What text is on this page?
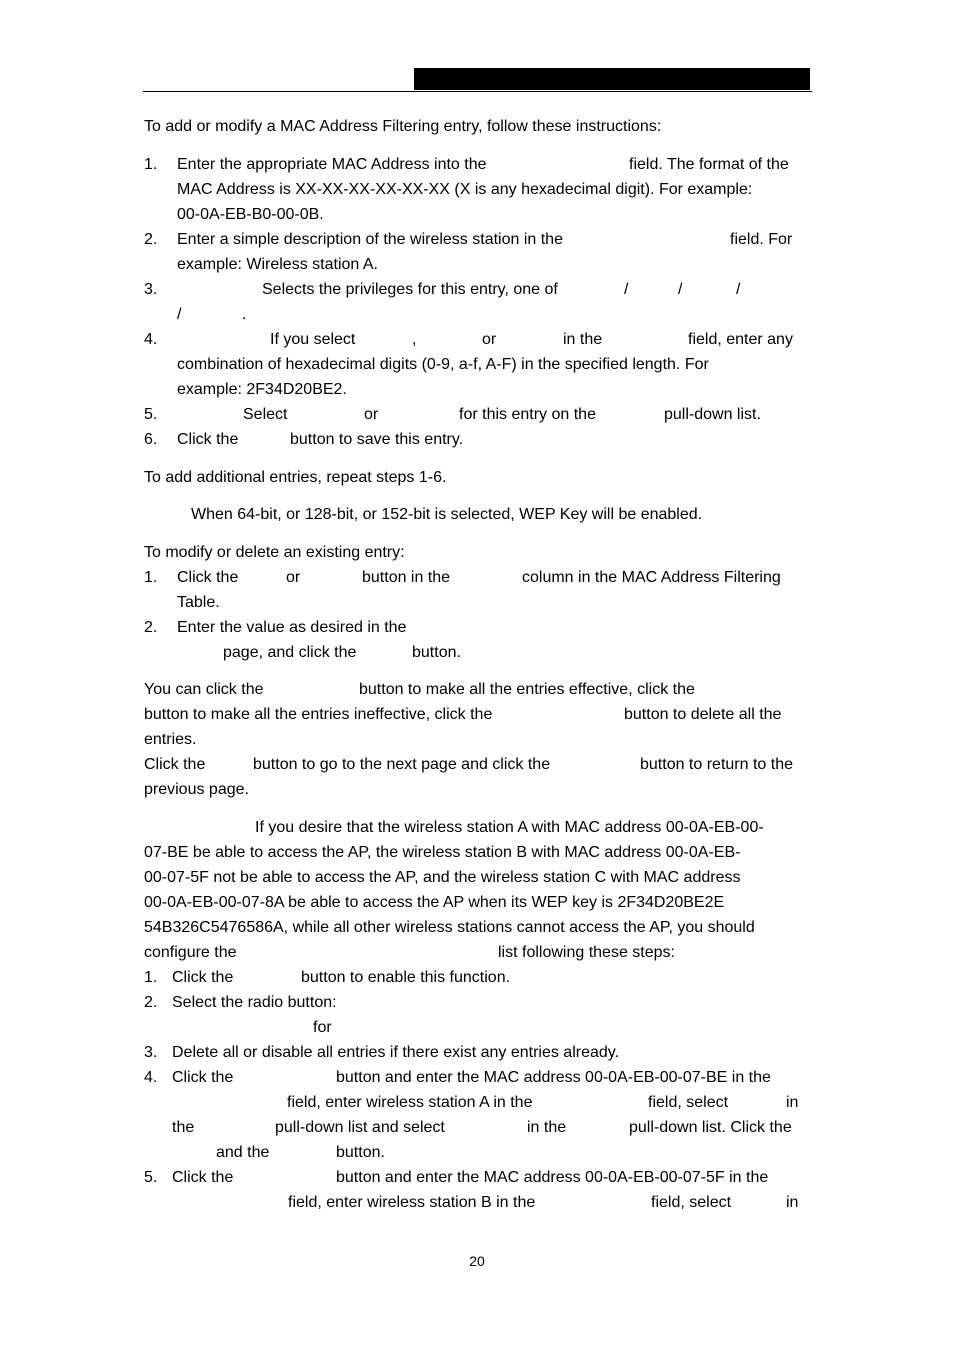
To add or modify a MAC Address Filtering entry, follow these instructions:
1. Enter the appropriate MAC Address into the	field. The format of the
MAC Address is XX-XX-XX-XX-XX-XX (X is any hexadecimal digit). For example:
00-0A-EB-B0-00-0B.
2. Enter a simple description of the wireless station in the	field. For
example: Wireless station A.
3.	Selects the privileges for this entry, one of	/	/	/
/	.
4.	If you select	,	or	in the	field, enter any
combination of hexadecimal digits (0-9, a-f, A-F) in the specified length. For
example: 2F34D20BE2.
5.	Select	or	for this entry on the	pull-down list.
6. Click the	button to save this entry.
To add additional entries, repeat steps 1-6.
When 64-bit, or 128-bit, or 152-bit is selected, WEP Key will be enabled.
To modify or delete an existing entry:
1. Click the	or	button in the	column in the MAC Address Filtering
Table.
2. Enter the value as desired in the
page, and click the	button.
You can click the	button to make all the entries effective, click the
button to make all the entries ineffective, click the	button to delete all the
entries.
Click the	button to go to the next page and click the	button to return to the
previous page.
If you desire that the wireless station A with MAC address 00-0A-EB-00-
07-BE be able to access the AP, the wireless station B with MAC address 00-0A-EB-
00-07-5F not be able to access the AP, and the wireless station C with MAC address
00-0A-EB-00-07-8A be able to access the AP when its WEP key is 2F34D20BE2E
54B326C5476586A, while all other wireless stations cannot access the AP, you should
configure the	list following these steps:
1. Click the	button to enable this function.
2. Select the radio button:
for
3. Delete all or disable all entries if there exist any entries already.
4. Click the	button and enter the MAC address 00-0A-EB-00-07-BE in the
field, enter wireless station A in the	field, select	in
the	pull-down list and select	in the	pull-down list. Click the
and the	button.
5. Click the	button and enter the MAC address 00-0A-EB-00-07-5F in the
field, enter wireless station B in the	field, select	in
20
